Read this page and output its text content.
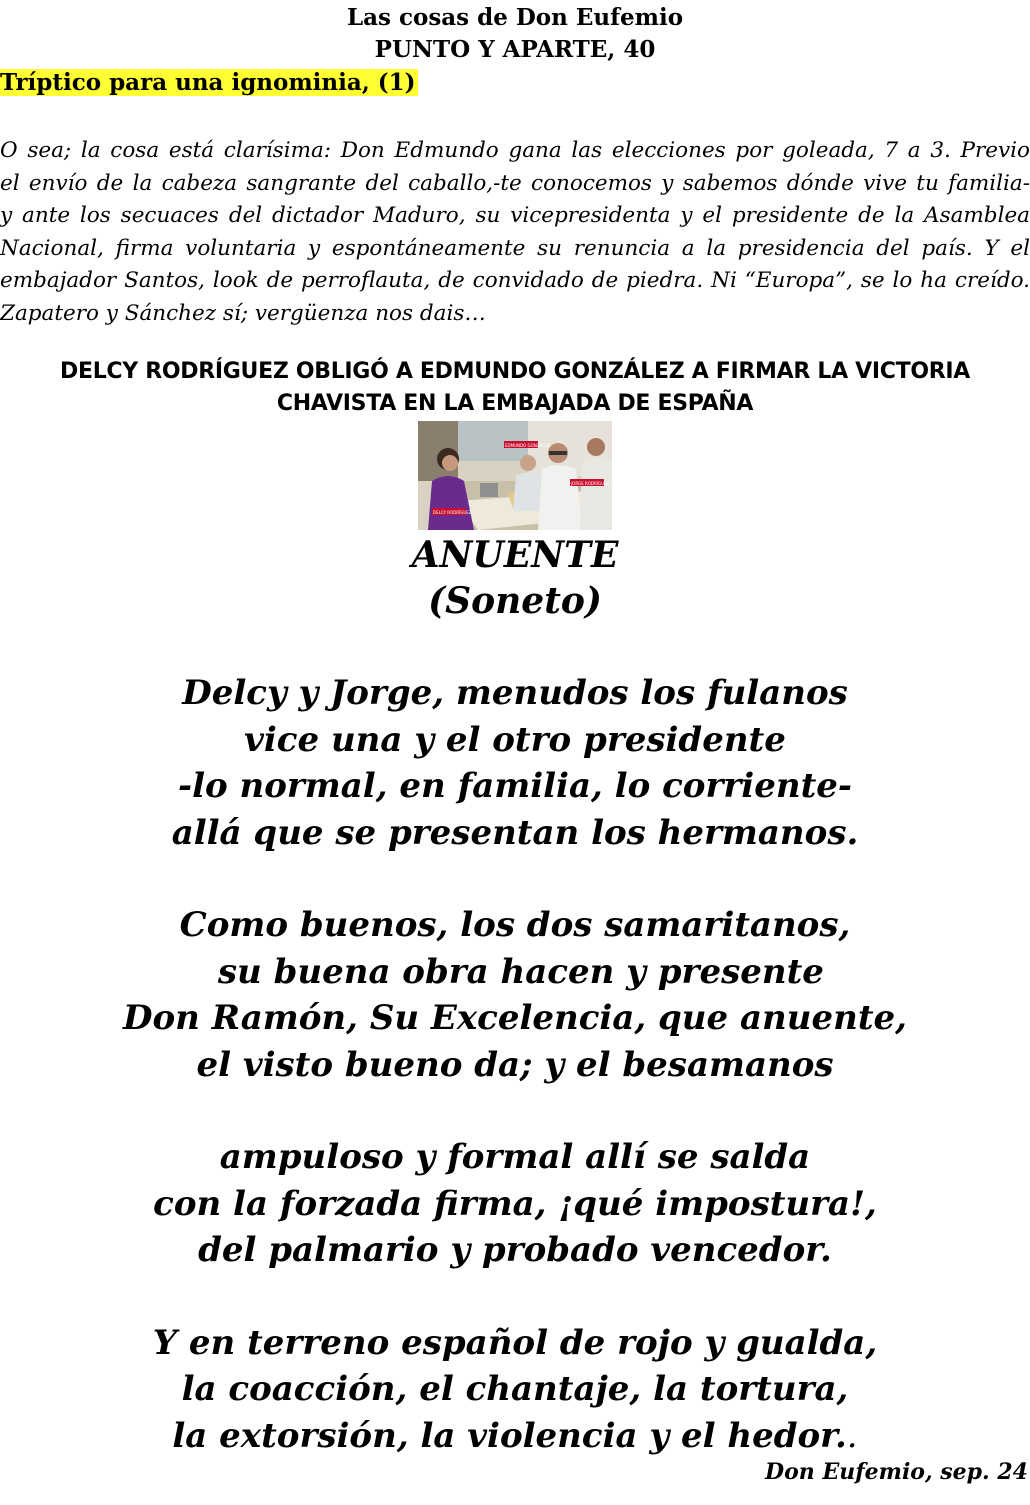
Las cosas de Don Eufemio

PUNTO Y APARTE, 40

Tríptico para una ignominia, (1)

O sea; la cosa está clarísima: Don Edmundo gana las elecciones por goleada, 7 a 3. Previo
el envío de la cabeza sangrante del caballo,-te conocemos y sabemos dónde vive tu familia-
y ante los secuaces del dictador Maduro, su vicepresidenta y el presidente de la Asamblea
Nacional, firma voluntaria y espontáneamente su renuncia a la presidencia del país. Y el
embajador Santos, look de perroflauta, de convidado de piedra. Ni “Europa”, se lo ha creído.
Zapatero y Sánchez sí; vergüenza nos dais…
DELCY RODRÍGUEZ OBLIGÓ A EDMUNDO GONZÁLEZ A FIRMAR LA VICTORIA
CHAVISTA EN LA EMBAJADA DE ESPAÑA
EDMUNDO GONZÁLEZ
JORGE RODRÍGUEZ
DELCY RODRÍGUEZ
ANUENTE
(Soneto)

Delcy y Jorge, menudos los fulanos

vice una y el otro presidente

-lo normal, en familia, lo corriente-

allá que se presentan los hermanos.

Como buenos, los dos samaritanos,

su buena obra hacen y presente

Don Ramón, Su Excelencia, que anuente,

el visto bueno da; y el besamanos

ampuloso y formal allí se salda

con la forzada firma, ¡qué impostura!,

del palmario y probado vencedor.

Y en terreno español de rojo y gualda,

la coacción, el chantaje, la tortura,

la extorsión, la violencia y el hedor..

Don Eufemio, sep. 24
